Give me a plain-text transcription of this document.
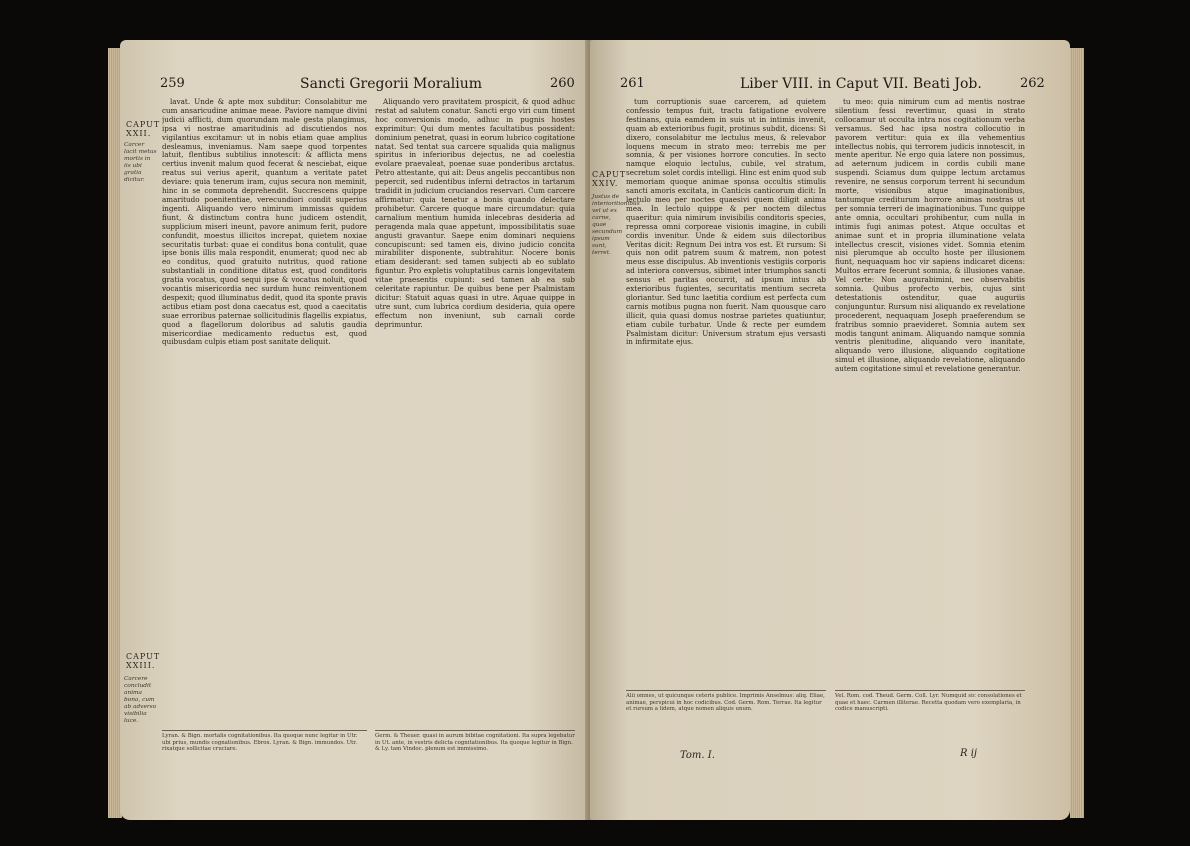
259	Sancti Gregorii Moralium	260
CAPUT XXII.
Carcer lacit metus mortis in iis ubi gratia dicitur.

lavat. Unde & apte mox subditur: Consolabitur me cum ansaricudine animae meae. Paviore namque divini judicii afflicti, dum quorundam male gesta plangimus, ipsa vi nostrae amaritudinis ad discutiendos nos vigilantius excitamur: ut in nobis etiam quae amplius desleamus, inveniamus. Nam saepe quod torpentes latuit, flentibus subtilius innotescit: & afflicta mens certius invenit malum quod fecerat & nesciebat, eique reatus sui verius aperit, quantum a veritate patet deviare: quia tenerum iram, cujus secura non meminit, hinc in se commota deprehendit. Succrescens quippe amaritudo poenitentiae, verecundiori condit superius ingenti. Aliquando vero nimirum immissas quidem fiunt, & distinctum contra hunc judicem ostendit, supplicium miseri ineunt, pavore animum ferit, pudore confundit, moestus illicitos increpat, quietem noxiae securitatis turbat: quae ei conditus bona contulit, quae ipse bonis illis mala respondit, enumerat; quod nec ab eo conditus, quod gratuito nutritus, quod ratione substantiali in conditione ditatus est, quod conditoris gratia vocatus, quod sequi ipse & vocatus noluit, quod vocantis misericordia nec surdum hunc reinventionem despexit; quod illuminatus dedit, quod ita sponte pravis actibus etiam post dona caecatus est, quod a caecitatis suae erroribus paternae sollicitudinis flagellis expiatus, quod a flagellorum doloribus ad salutis gaudia misericordiae medicamento reductus est, quod quibusdam culpis etiam post sanitate deliquit.

Aliquando vero pravitatem prospicit, & quod adhuc restat ad salutem conatur. Sancti ergo viri cum timent hoc conversionis modo, adhuc in pugnis hostes exprimitur: Qui dum mentes facultatibus possident: dominium penetrat, quasi in eorum lubrico cogitatione natat. Sed tentat sua carcere squalida quia malignus spiritus in inferioribus dejectus, ne ad coelestia evolare praevaleat, poenae suae ponderibus arctatus. Petro attestante, qui ait: Deus angelis peccantibus non pepercit, sed rudentibus inferni detractos in tartarum tradidit in judicium cruciandos reservari. Cum carcere affirmatur: quia tenetur a bonis quando delectare prohibetur. Carcere quoque mare circumdatur: quia carnalium mentium humida inlecebras desideria ad peragenda mala quae appetunt, impossibilitatis suae angusti gravantur. Saepe enim dominari nequiens concupiscunt: sed tamen eis, divino judicio concita mirabiliter disponente, subtrahitur. Nocere bonis etiam desiderant: sed tamen subjecti ab eo sublato figuntur. Pro expletis voluptatibus carnis longevitatem vitae praesentis cupiunt: sed tamen ab ea sub celeritate rapiuntur. De quibus bene per Psalmistam dicitur: Statuit aquas quasi in utre. Aquae quippe in utre sunt, cum lubrica cordium desideria, quia opere effectum non inveniunt, sub carnali corde deprimuntur.

CAPUT XXIII.
Carcere concludit anima bona, cum ab adverso visibilia luce.
Lyran. & Bign. mortalis cognitationibus. Ita quoque nunc legitur in Utr. ubi prius, mundis cognationibus. Ebrox. Lyran. & Bign. immundos. Utr. rixatque sollicitae cruciare.
Germ. & Theuer. quasi in aurum bibitae cognitationi. Ita supra legebatur in Ut. ante, in vestris delicta cognitationibus. Ita quoque legitur in Bign. & Ly. tam Vindoc. plenum est immissimo.
261	Liber VIII. in Caput VII. Beati Job.	262
CAPUT XXIV.
Justus de interioritionibus vel ut ex carne, quae secundum ipsum sunt, terret.

tum corruptionis suae carcerem, ad quietem confessio tempus fuit, tractu fatigatione evolvere festinans, quia eamdem in suis ut in intimis invenit, quam ab exterioribus fugit, protinus subdit, dicens: Si dixero, consolabitur me lectulus meus, & relevabor loquens mecum in strato meo: terrebis me per somnia, & per visiones horrore concuties. In secto namque eloquio lectulus, cubile, vel stratum, secretum solet cordis intelligi. Hinc est enim quod sub memoriam quoque animae sponsa occultis stimulis sancti amoris excitata, in Canticis canticorum dicit: In lectulo meo per noctes quaesivi quem diligit anima mea. In lectulo quippe & per noctem dilectus quaeritur: quia nimirum invisibilis conditoris species, repressa omni corporeae visionis imagine, in cubili cordis invenitur. Unde & eidem suis dilectoribus Veritas dicit: Regnum Dei intra vos est. Et rursum: Si quis non odit patrem suum & matrem, non potest meus esse discipulus. Ab inventionis vestigiis corporis ad interiora conversus, sibimet inter triumphos sancti sensus et paritas occurrit, ad ipsum intus ab exterioribus fugientes, securitatis mentium secreta gloriantur. Sed tunc laetitia cordium est perfecta cum carnis motibus pugna non fuerit. Nam quousque caro illicit, quia quasi domus nostrae parietes quatiuntur, etiam cubile turbatur. Unde & recte per eumdem Psalmistam dicitur: Universum stratum ejus versasti in infirmitate ejus.

tu meo: quia nimirum cum ad mentis nostrae silentium fessi revertimur, quasi in strato collocamur ut occulta intra nos cogitationum verba versamus. Sed hac ipsa nostra collocutio in pavorem vertitur: quia ex illa vehementius intellectus nobis, qui terrorem judicis innotescit, in mente aperitur. Ne ergo quia latere non possimus, ad aeternum judicem in cordis cubili mane suspendi. Sciamus dum quippe lectum arctamus revenire, ne sensus corporum terrent hi secundum morte, visionibus atque imaginationibus, tantumque crediturum horrore animas nostras ut per somnia terreri de imaginationibus. Tunc quippe ante omnia, occultari prohibentur, cum nulla in intimis fugi animas potest. Atque occultas et animae sunt et in propria illuminatione velata intellectus crescit, visiones videt. Somnia etenim nisi plerumque ab occulto hoste per illusionem fiunt, nequaquam hoc vir sapiens indicaret dicens: Multos errare fecerunt somnia, & illusiones vanae. Vel certe: Non augurabimini, nec observabitis somnia. Quibus profecto verbis, cujus sint detestationis ostenditur, quae auguriis conjunguntur. Rursum nisi aliquando ex revelatione procederent, nequaquam Joseph praeferendum se fratribus somnio praevideret. Somnia autem sex modis tangunt animam. Aliquando namque somnia ventris plenitudine, aliquando vero inanitate, aliquando vero illusione, aliquando cogitatione simul et illusione, aliquando revelatione, aliquando autem cogitatione simul et revelatione generantur.

Alii omnes, ut quicunque ceteris publice. Imprimis Anselmus: aliq. Eliae, animae, perspicui in hoc codicibus. Cod. Germ. Rom. Terrae. Ita legitur et rursum a lidem, atque nomen aliquis unum.
Vel. Rom. cod. Theud. Germ. Coll. Lyr. Numquid sic consolationes et quae et haec. Carmen illiterae. Recetta quodam vero exemplaria, in codice manuscripti.
Tom. I.	R ij
